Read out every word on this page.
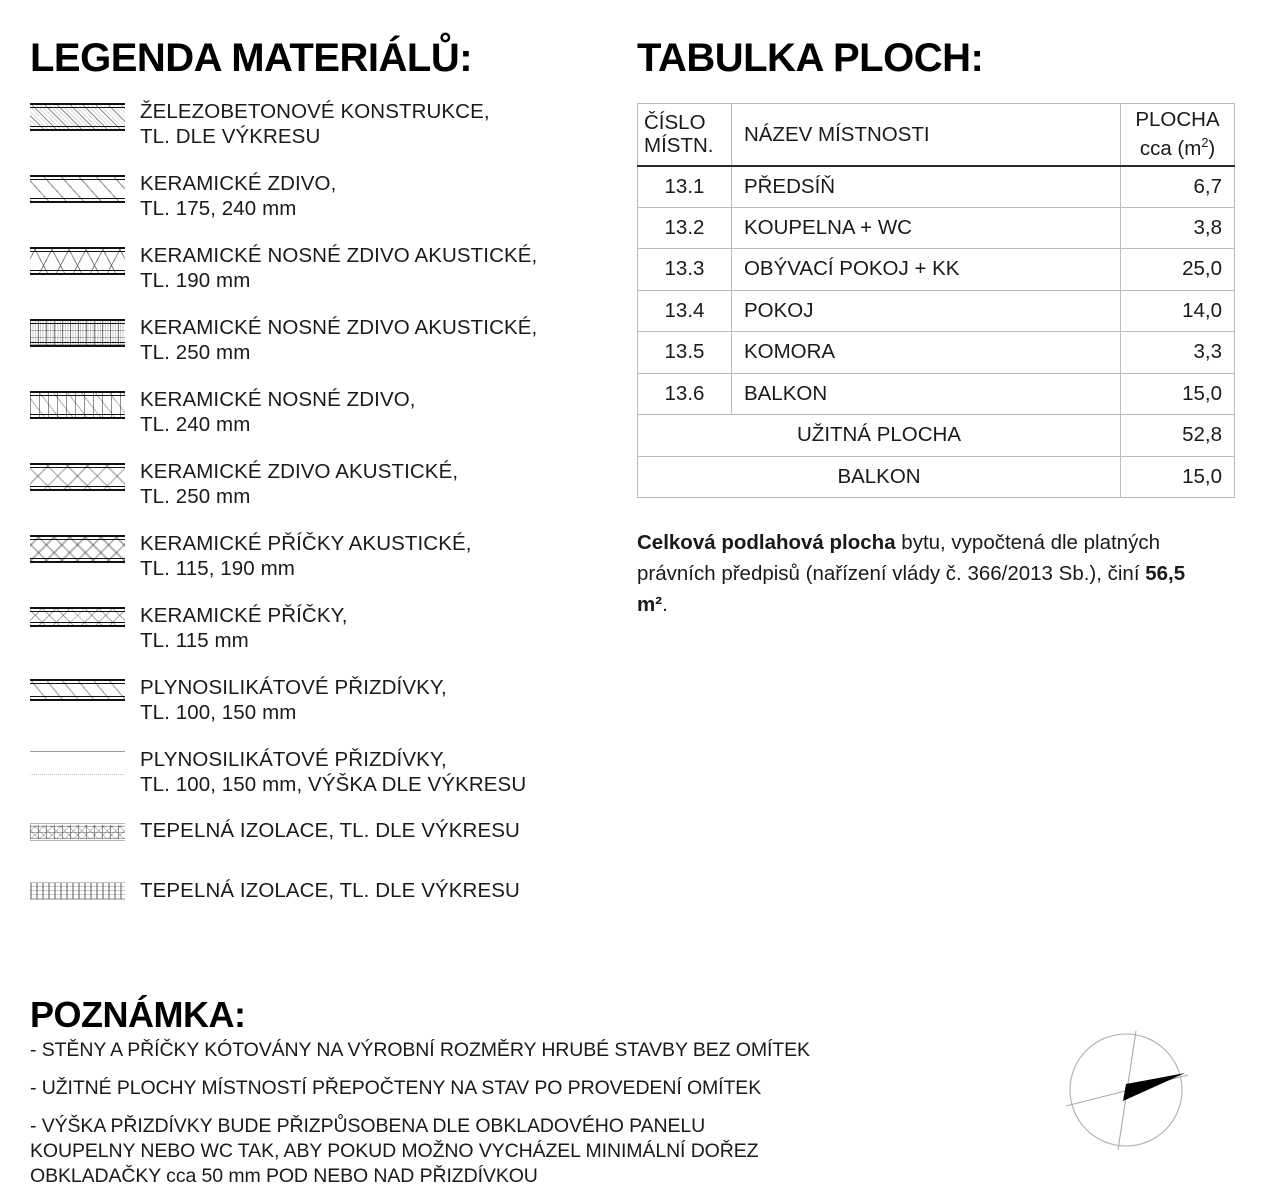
LEGENDA MATERIÁLŮ:
ŽELEZOBETONOVÉ KONSTRUKCE,
TL. DLE VÝKRESU
KERAMICKÉ ZDIVO,
TL. 175, 240 mm
KERAMICKÉ NOSNÉ ZDIVO AKUSTICKÉ,
TL. 190 mm
KERAMICKÉ NOSNÉ ZDIVO AKUSTICKÉ,
TL. 250 mm
KERAMICKÉ NOSNÉ ZDIVO,
TL. 240 mm
KERAMICKÉ ZDIVO AKUSTICKÉ,
TL. 250 mm
KERAMICKÉ PŘÍČKY AKUSTICKÉ,
TL. 115, 190 mm
KERAMICKÉ PŘÍČKY,
TL. 115 mm
PLYNOSILIKÁTOVÉ PŘIZDÍVKY,
TL. 100, 150 mm
PLYNOSILIKÁTOVÉ PŘIZDÍVKY,
TL. 100, 150 mm, VÝŠKA DLE VÝKRESU
TEPELNÁ IZOLACE, TL. DLE VÝKRESU
TEPELNÁ IZOLACE, TL. DLE VÝKRESU
TABULKA PLOCH:
ČÍSLO
MÍSTN.	NÁZEV MÍSTNOSTI	PLOCHA
cca $(m^2)$
13.1	PŘEDSÍŇ	6,7
13.2	KOUPELNA + WC	3,8
13.3	OBÝVACÍ POKOJ + KK	25,0
13.4	POKOJ	14,0
13.5	KOMORA	3,3
13.6	BALKON	15,0
UŽITNÁ PLOCHA		52,8
BALKON		15,0
Celková podlahová plocha bytu, vypočtená dle platných právních předpisů (nařízení vlády č. 366/2013 Sb.), činí 56,5 m².
POZNÁMKA:
- STĚNY A PŘÍČKY KÓTOVÁNY NA VÝROBNÍ ROZMĚRY HRUBÉ STAVBY BEZ OMÍTEK
- UŽITNÉ PLOCHY MÍSTNOSTÍ PŘEPOČTENY NA STAV PO PROVEDENÍ OMÍTEK
- VÝŠKA PŘIZDÍVKY BUDE PŘIZPŮSOBENA DLE OBKLADOVÉHO PANELU
KOUPELNY NEBO WC TAK, ABY POKUD MOŽNO VYCHÁZEL MINIMÁLNÍ DOŘEZ
OBKLADAČKY cca 50 mm POD NEBO NAD PŘIZDÍVKOU
